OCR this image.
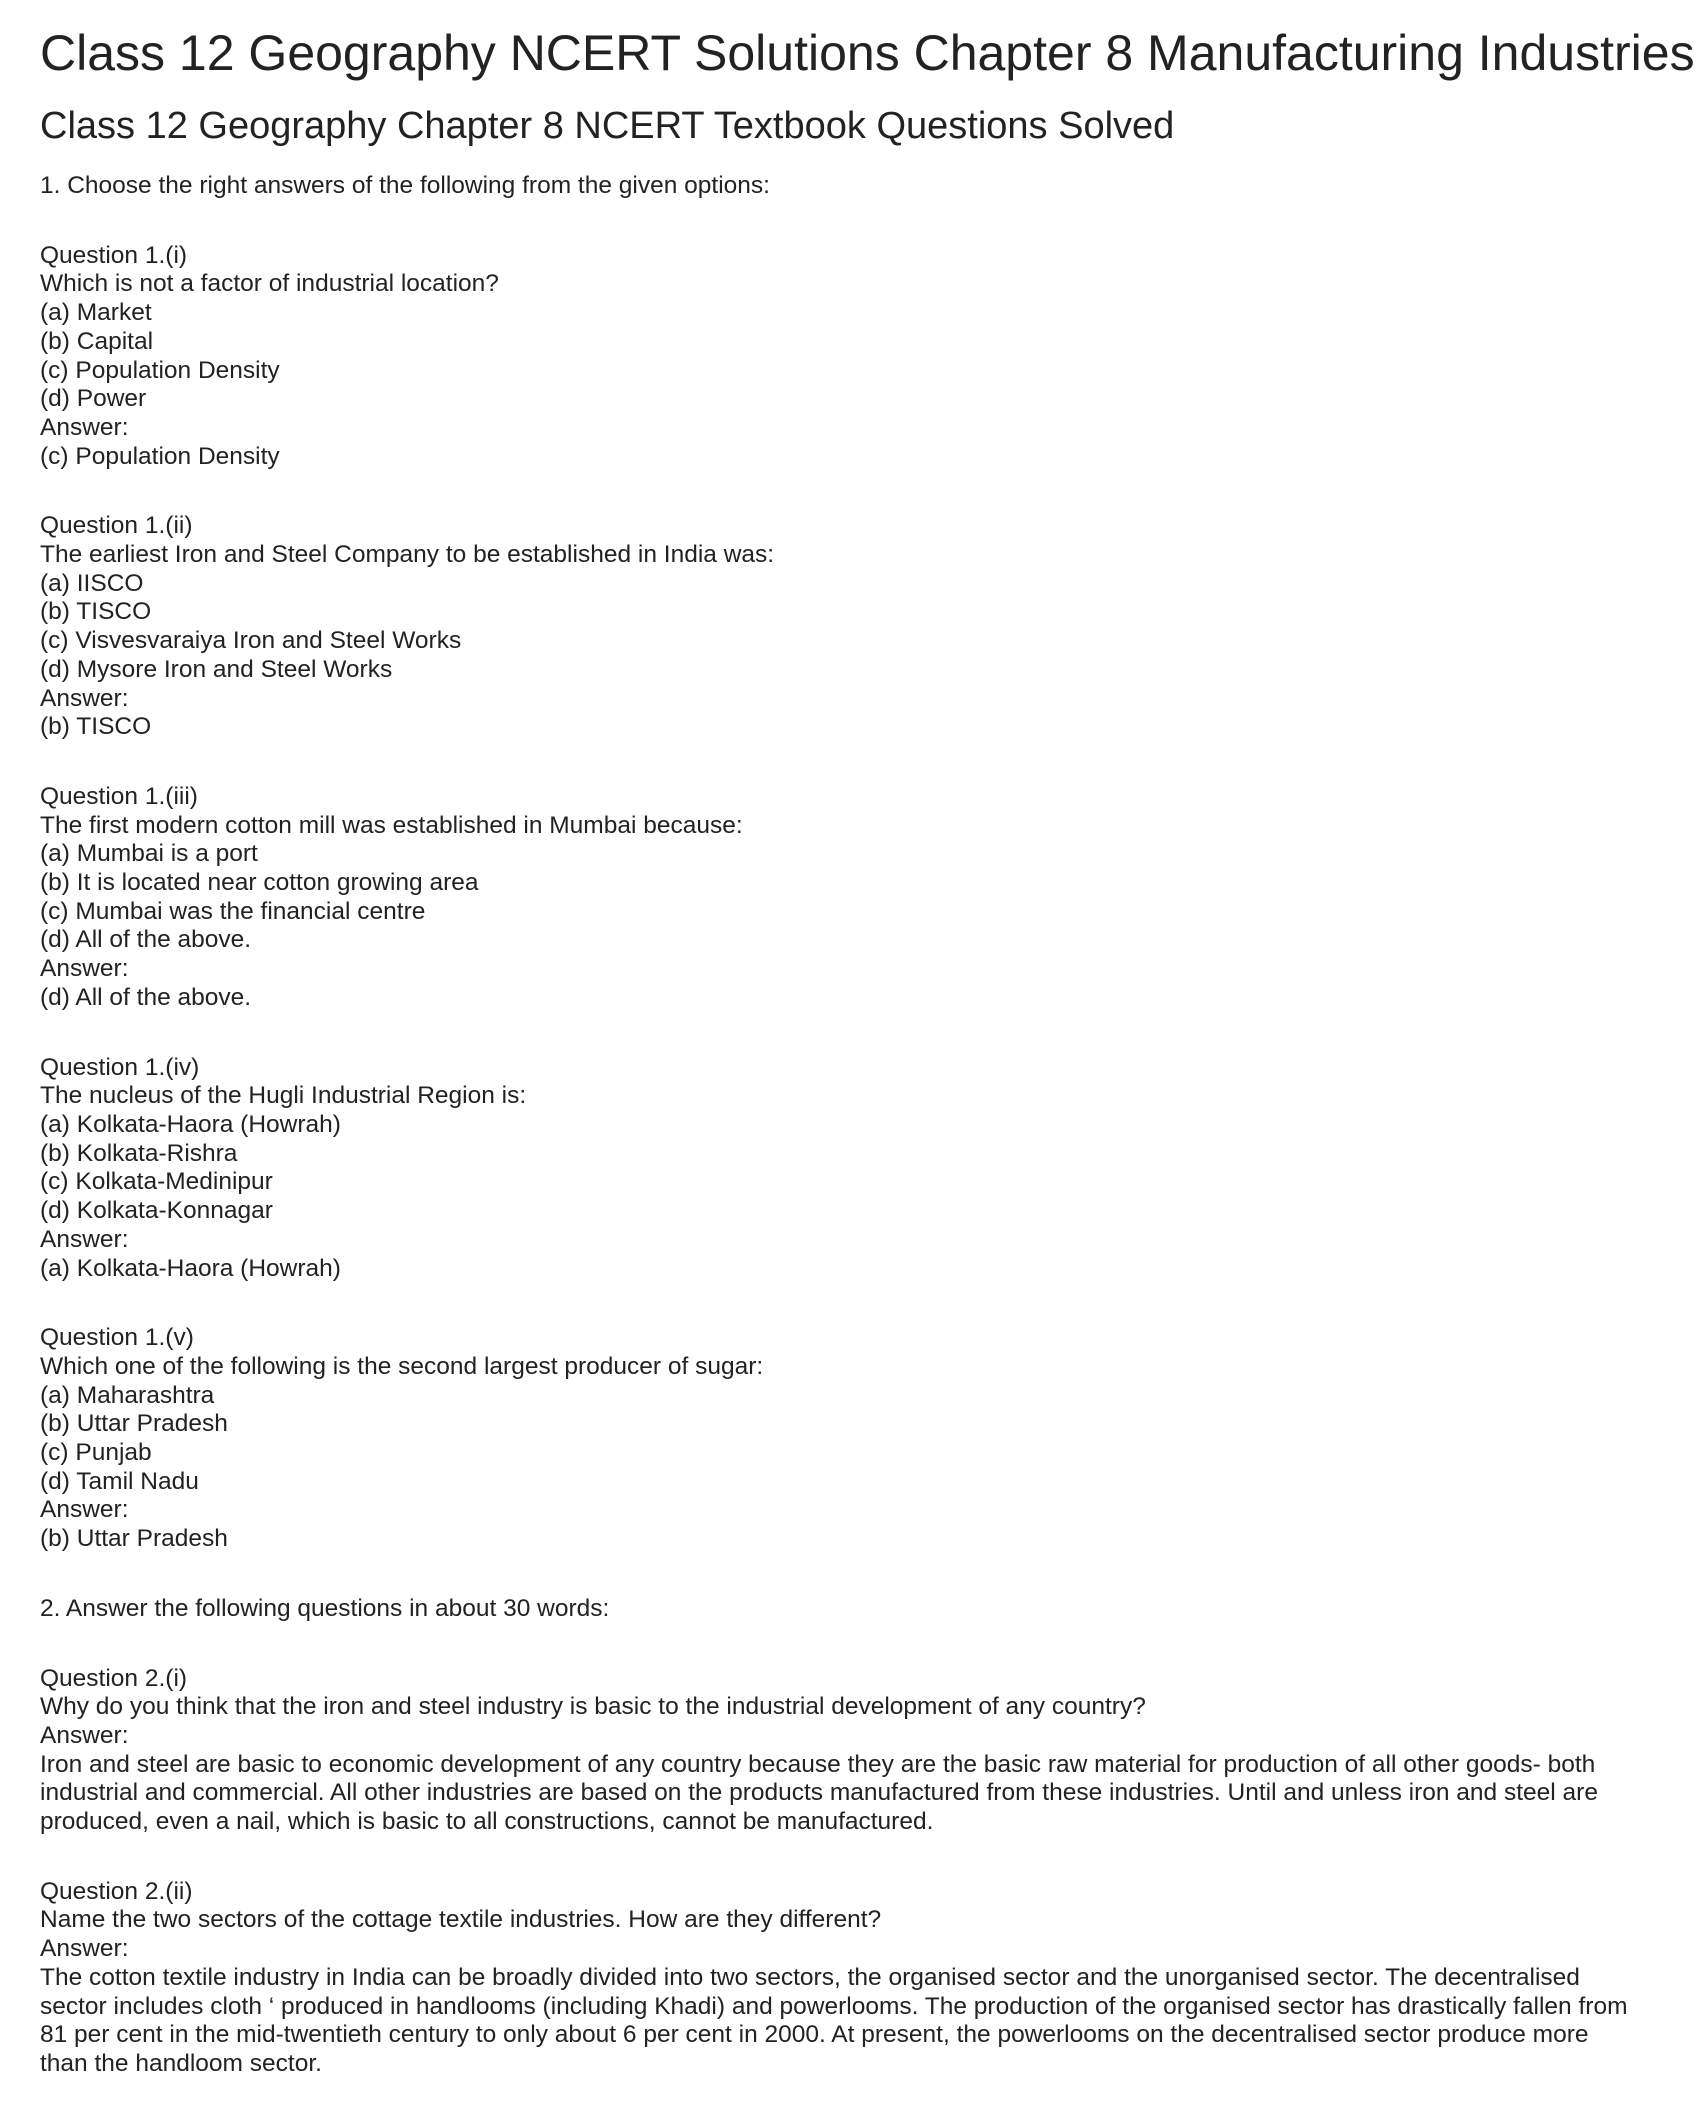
Class 12 Geography NCERT Solutions Chapter 8 Manufacturing Industries
Class 12 Geography Chapter 8 NCERT Textbook Questions Solved
1. Choose the right answers of the following from the given options:
Question 1.(i)
Which is not a factor of industrial location?
(a) Market
(b) Capital
(c) Population Density
(d) Power
Answer:
(c) Population Density
Question 1.(ii)
The earliest Iron and Steel Company to be established in India was:
(a) IISCO
(b) TISCO
(c) Visvesvaraiya Iron and Steel Works
(d) Mysore Iron and Steel Works
Answer:
(b) TISCO
Question 1.(iii)
The first modern cotton mill was established in Mumbai because:
(a) Mumbai is a port
(b) It is located near cotton growing area
(c) Mumbai was the financial centre
(d) All of the above.
Answer:
(d) All of the above.
Question 1.(iv)
The nucleus of the Hugli Industrial Region is:
(a) Kolkata-Haora (Howrah)
(b) Kolkata-Rishra
(c) Kolkata-Medinipur
(d) Kolkata-Konnagar
Answer:
(a) Kolkata-Haora (Howrah)
Question 1.(v)
Which one of the following is the second largest producer of sugar:
(a) Maharashtra
(b) Uttar Pradesh
(c) Punjab
(d) Tamil Nadu
Answer:
(b) Uttar Pradesh
2. Answer the following questions in about 30 words:
Question 2.(i)
Why do you think that the iron and steel industry is basic to the industrial development of any country?
Answer:
Iron and steel are basic to economic development of any country because they are the basic raw material for production of all other goods- both
industrial and commercial. All other industries are based on the products manufactured from these industries. Until and unless iron and steel are
produced, even a nail, which is basic to all constructions, cannot be manufactured.
Question 2.(ii)
Name the two sectors of the cottage textile industries. How are they different?
Answer:
The cotton textile industry in India can be broadly divided into two sectors, the organised sector and the unorganised sector. The decentralised
sector includes cloth ‘ produced in handlooms (including Khadi) and powerlooms. The production of the organised sector has drastically fallen from
81 per cent in the mid-twentieth century to only about 6 per cent in 2000. At present, the powerlooms on the decentralised sector produce more
than the handloom sector.
